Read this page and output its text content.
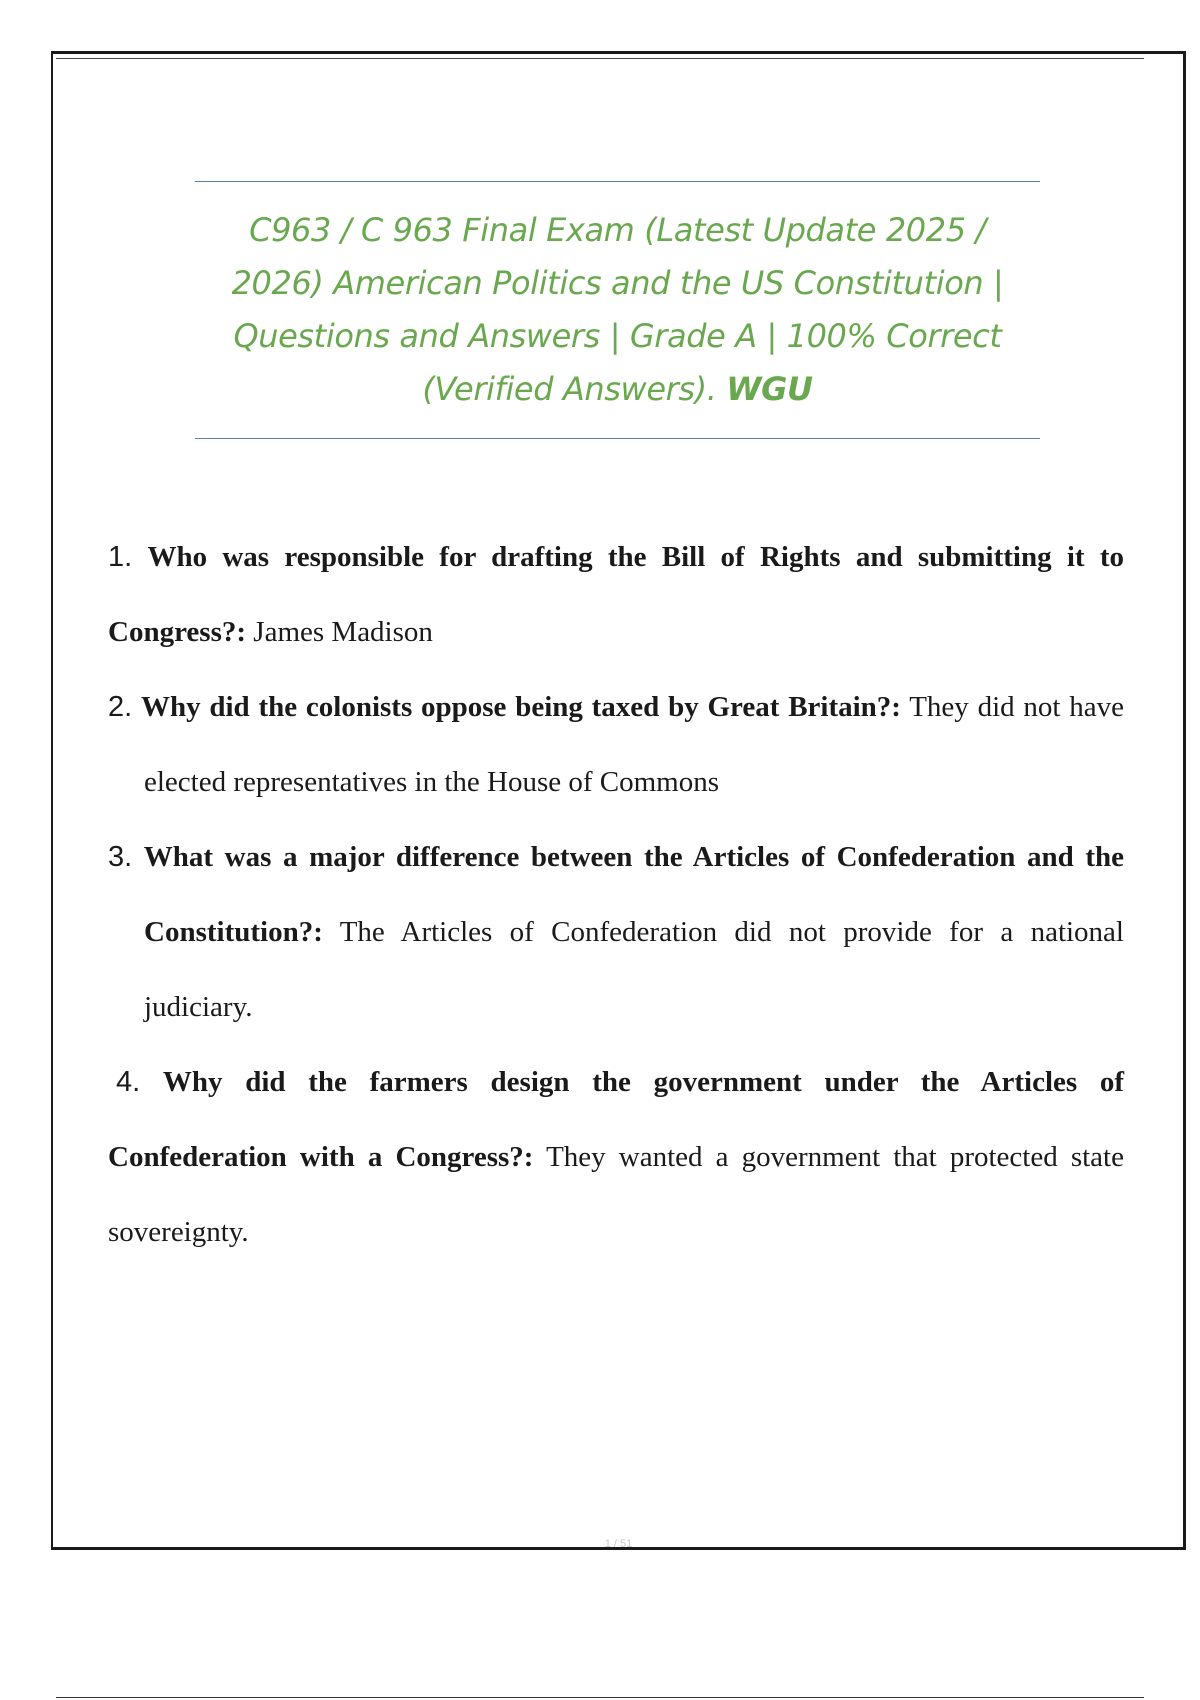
C963 / C 963 Final Exam (Latest Update 2025 /
2026) American Politics and the US Constitution |
Questions and Answers | Grade A | 100% Correct
(Verified Answers). WGU
1. Who was responsible for drafting the Bill of Rights and submitting it to Congress?: James Madison
2. Why did the colonists oppose being taxed by Great Britain?: They did not have elected representatives in the House of Commons
3. What was a major difference between the Articles of Confederation and the Constitution?: The Articles of Confederation did not provide for a national judiciary.
4. Why did the farmers design the government under the Articles of Confederation with a Congress?: They wanted a government that protected state sovereignty.
1 / 51
